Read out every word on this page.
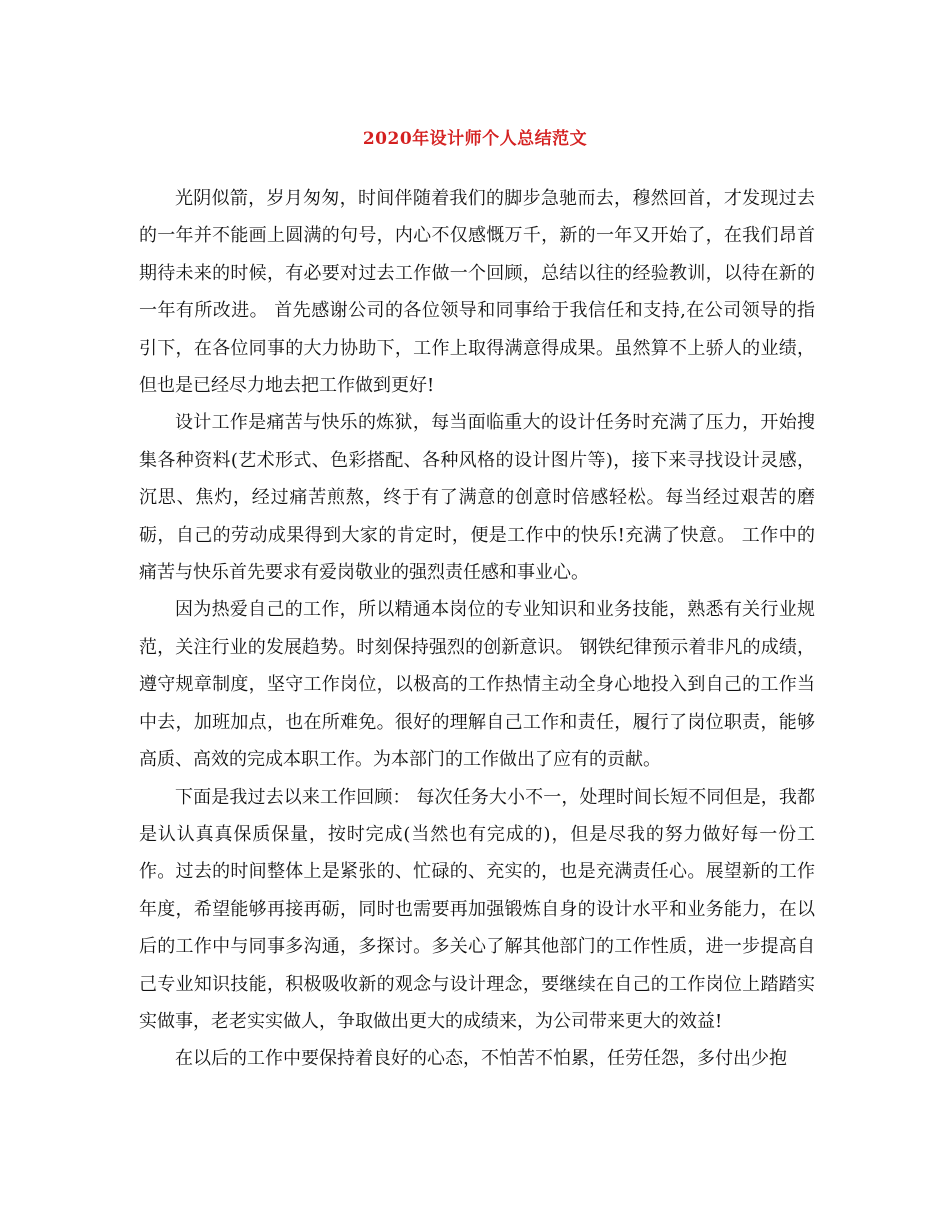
2020年设计师个人总结范文

光阴似箭，岁月匆匆，时间伴随着我们的脚步急驰而去，穆然回首，才发现过去的一年并不能画上圆满的句号，内心不仅感慨万千，新的一年又开始了，在我们昂首期待未来的时候，有必要对过去工作做一个回顾，总结以往的经验教训，以待在新的一年有所改进。 首先感谢公司的各位领导和同事给于我信任和支持,在公司领导的指引下，在各位同事的大力协助下，工作上取得满意得成果。虽然算不上骄人的业绩，但也是已经尽力地去把工作做到更好!

设计工作是痛苦与快乐的炼狱，每当面临重大的设计任务时充满了压力，开始搜集各种资料(艺术形式、色彩搭配、各种风格的设计图片等)，接下来寻找设计灵感，沉思、焦灼，经过痛苦煎熬，终于有了满意的创意时倍感轻松。每当经过艰苦的磨砺，自己的劳动成果得到大家的肯定时，便是工作中的快乐!充满了快意。 工作中的痛苦与快乐首先要求有爱岗敬业的强烈责任感和事业心。

因为热爱自己的工作，所以精通本岗位的专业知识和业务技能，熟悉有关行业规范，关注行业的发展趋势。时刻保持强烈的创新意识。 钢铁纪律预示着非凡的成绩，遵守规章制度，坚守工作岗位，以极高的工作热情主动全身心地投入到自己的工作当中去，加班加点，也在所难免。很好的理解自己工作和责任，履行了岗位职责，能够高质、高效的完成本职工作。为本部门的工作做出了应有的贡献。

下面是我过去以来工作回顾： 每次任务大小不一，处理时间长短不同但是，我都是认认真真保质保量，按时完成(当然也有完成的)，但是尽我的努力做好每一份工作。过去的时间整体上是紧张的、忙碌的、充实的，也是充满责任心。展望新的工作年度，希望能够再接再砺，同时也需要再加强锻炼自身的设计水平和业务能力，在以后的工作中与同事多沟通，多探讨。多关心了解其他部门的工作性质，进一步提高自己专业知识技能，积极吸收新的观念与设计理念，要继续在自己的工作岗位上踏踏实实做事，老老实实做人，争取做出更大的成绩来，为公司带来更大的效益!

在以后的工作中要保持着良好的心态，不怕苦不怕累，任劳任怨，多付出少抱
